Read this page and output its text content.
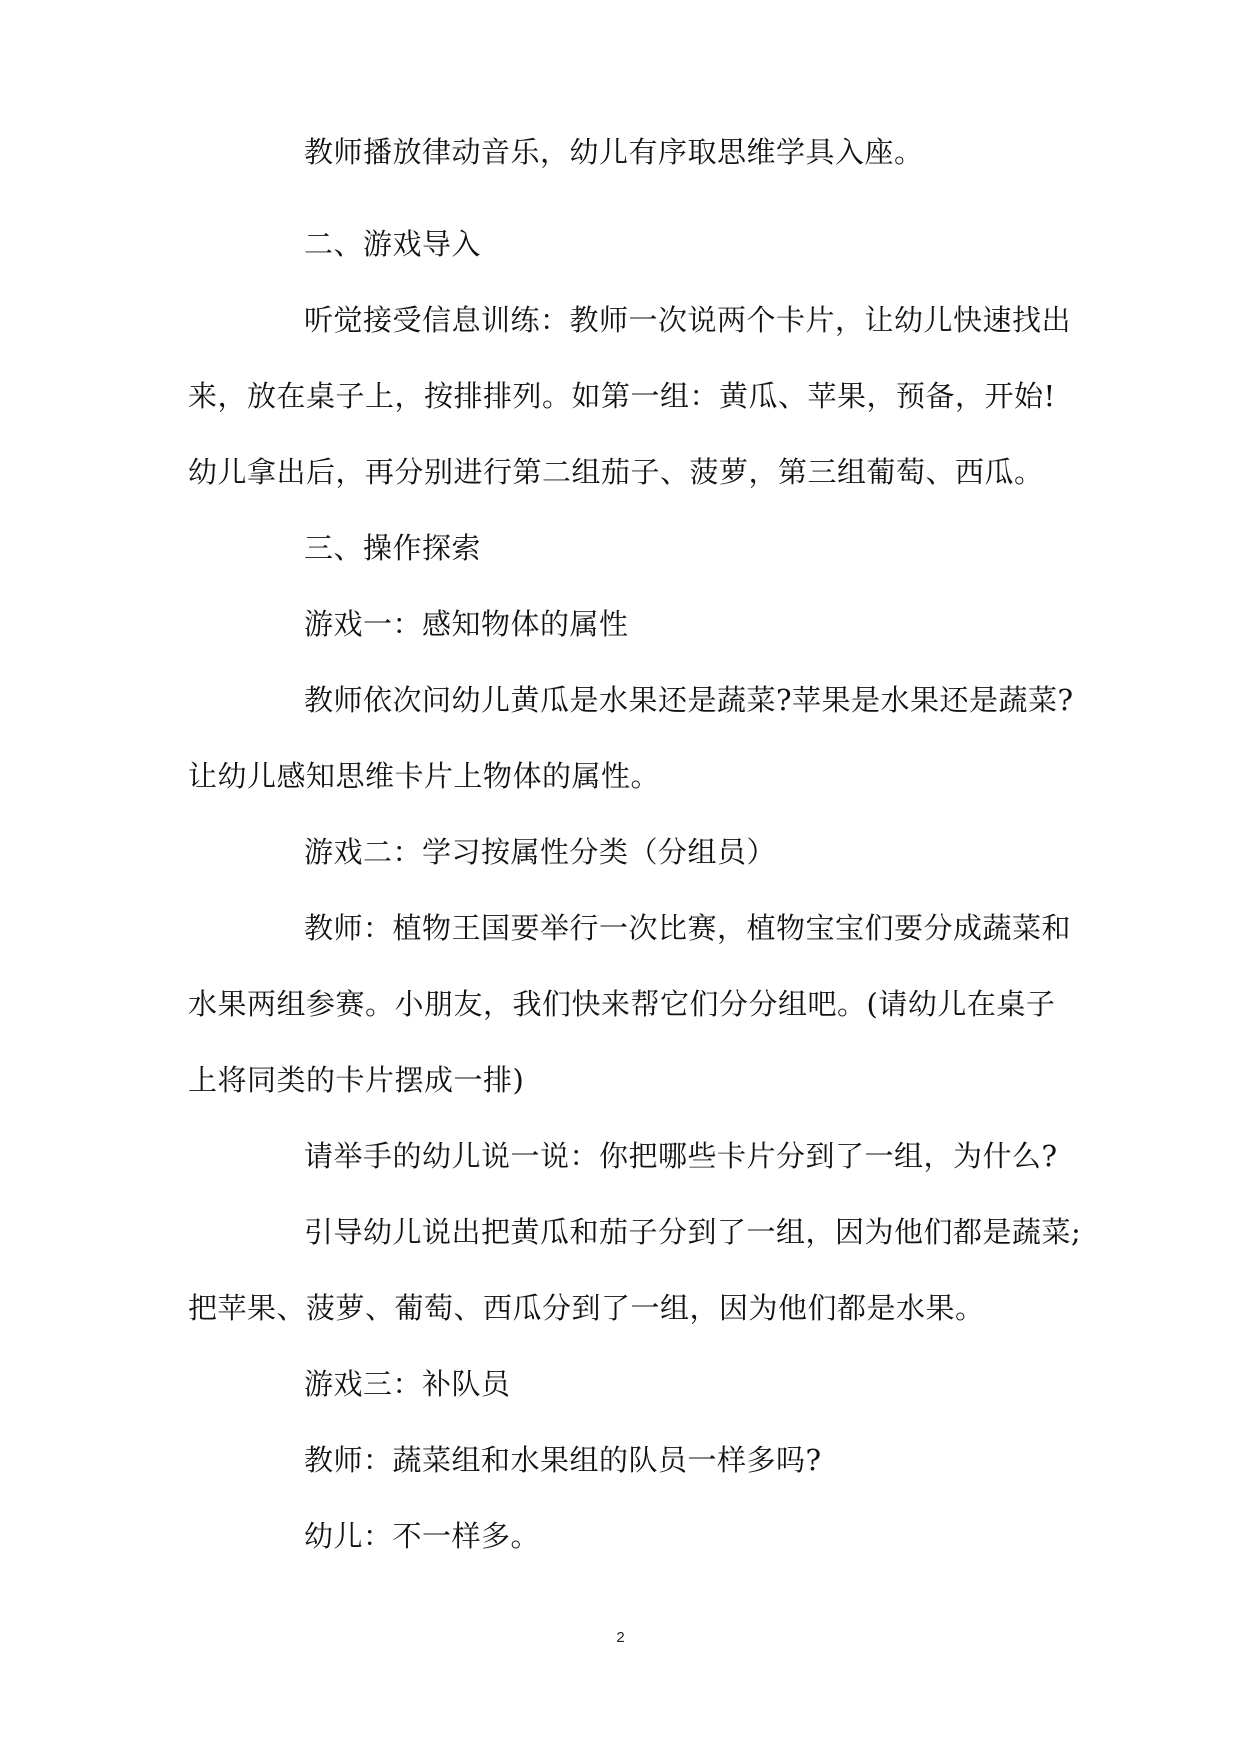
教师播放律动音乐，幼儿有序取思维学具入座。
二、游戏导入
听觉接受信息训练：教师一次说两个卡片，让幼儿快速找出
来，放在桌子上，按排排列。如第一组：黄瓜、苹果，预备，开始!
幼儿拿出后，再分别进行第二组茄子、菠萝，第三组葡萄、西瓜。
三、操作探索
游戏一：感知物体的属性
教师依次问幼儿黄瓜是水果还是蔬菜?苹果是水果还是蔬菜?
让幼儿感知思维卡片上物体的属性。
游戏二：学习按属性分类（分组员）
教师：植物王国要举行一次比赛，植物宝宝们要分成蔬菜和
水果两组参赛。小朋友，我们快来帮它们分分组吧。(请幼儿在桌子
上将同类的卡片摆成一排)
请举手的幼儿说一说：你把哪些卡片分到了一组，为什么?
引导幼儿说出把黄瓜和茄子分到了一组，因为他们都是蔬菜;
把苹果、菠萝、葡萄、西瓜分到了一组，因为他们都是水果。
游戏三：补队员
教师：蔬菜组和水果组的队员一样多吗?
幼儿：不一样多。
2
